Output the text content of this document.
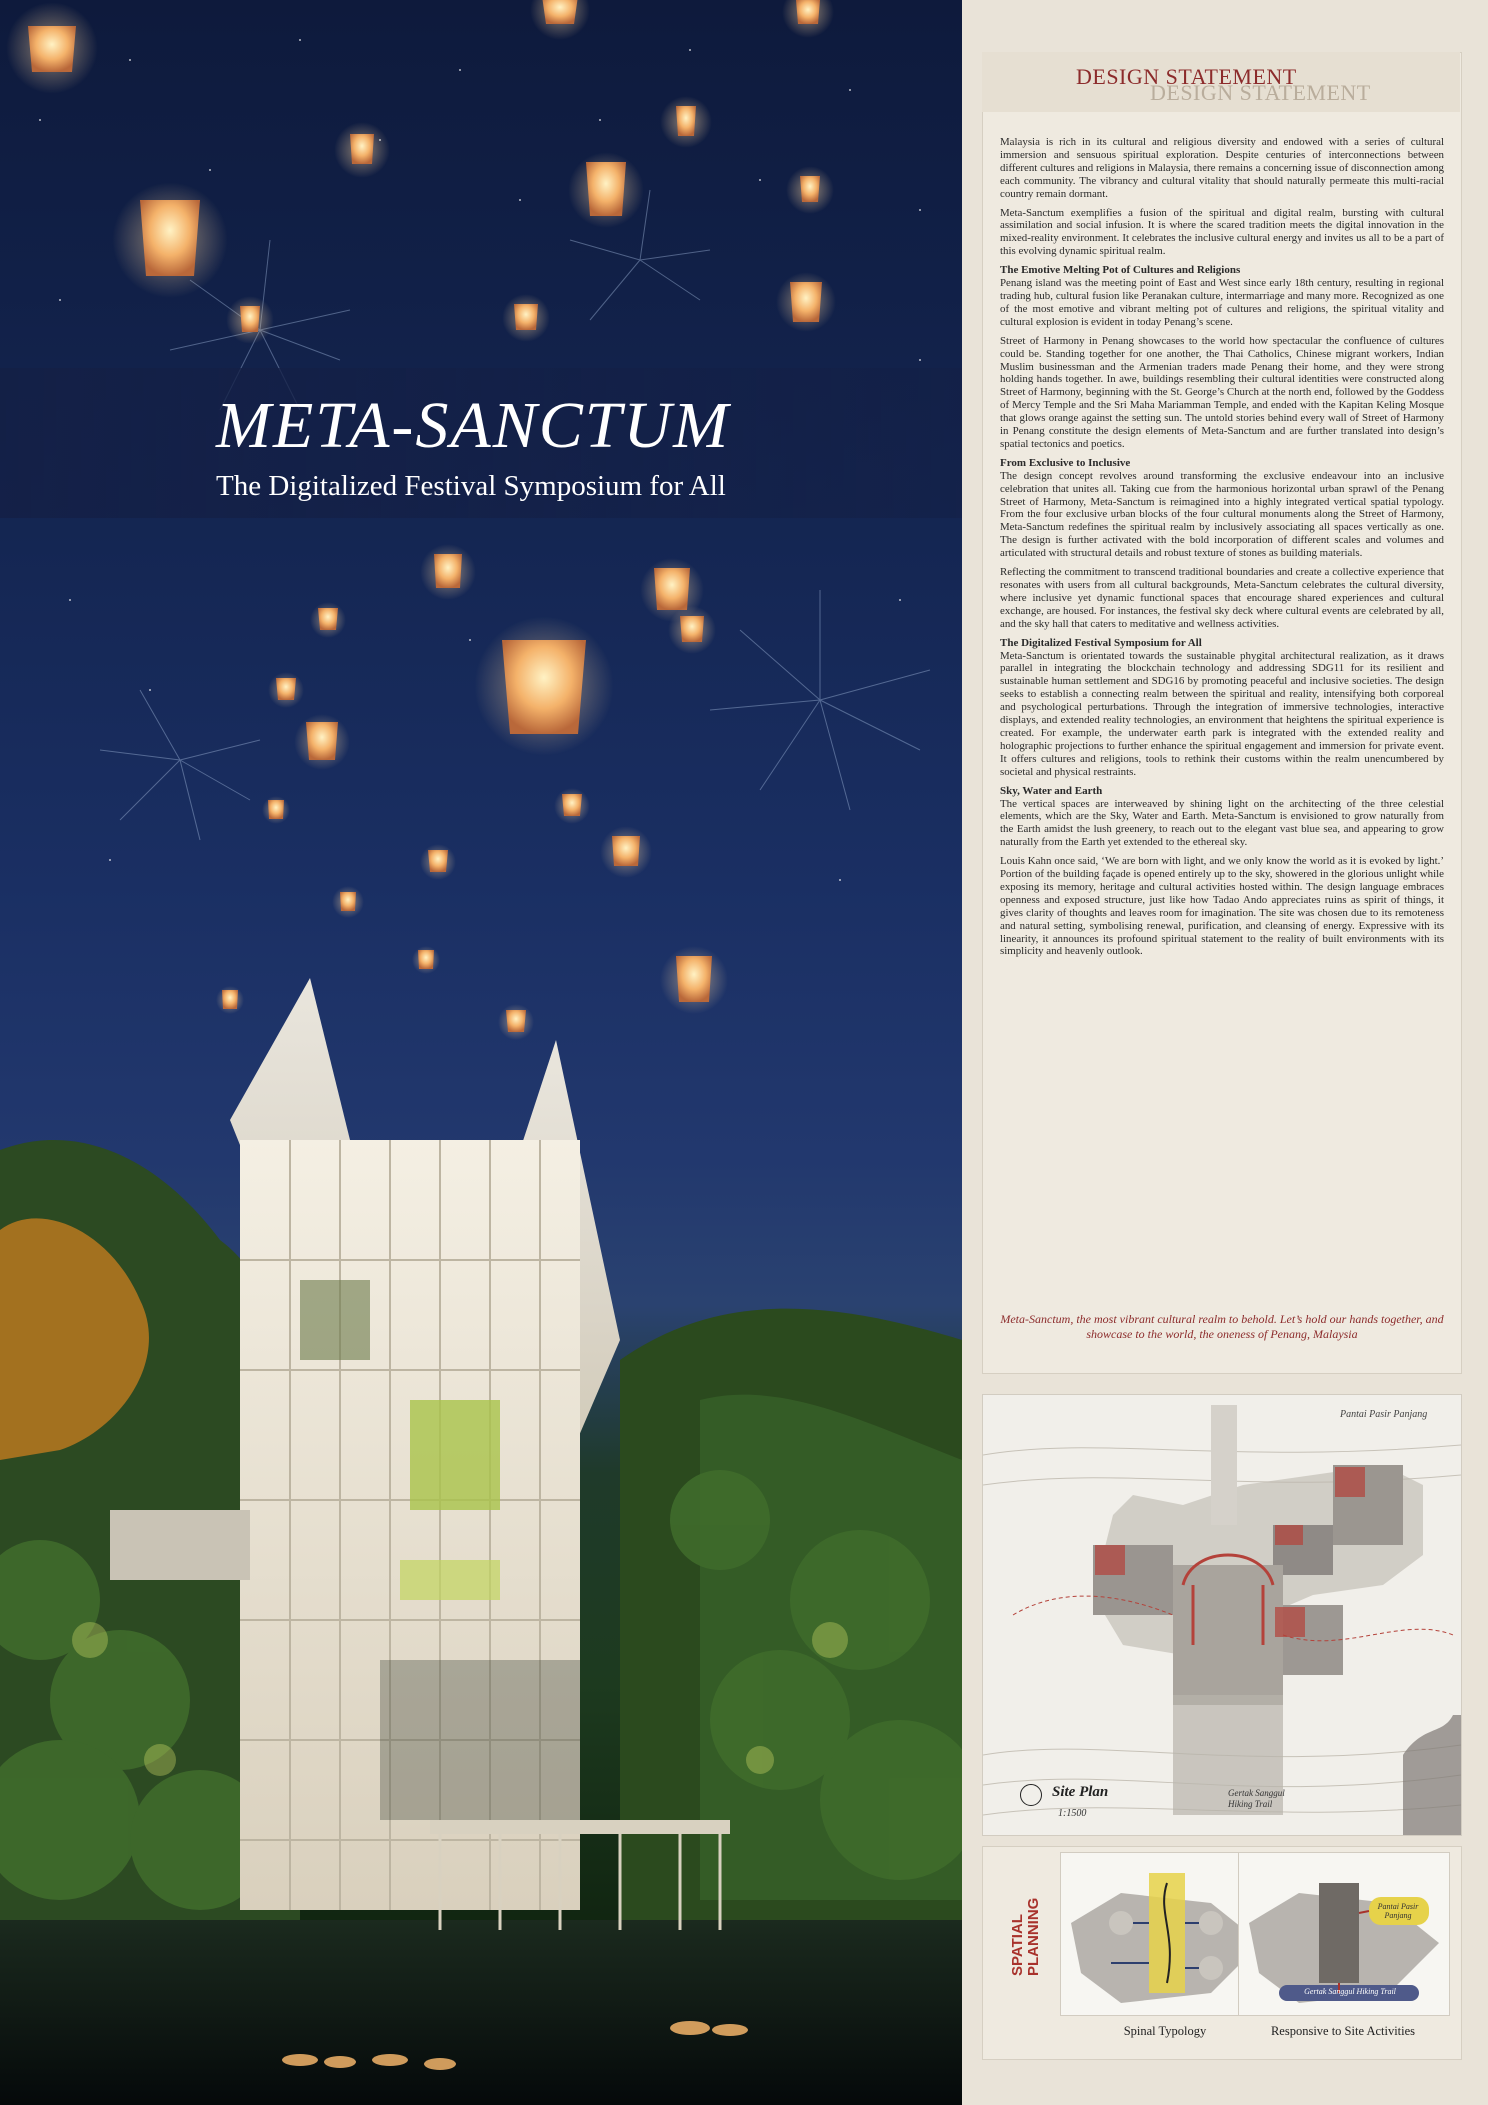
META-SANCTUM
The Digitalized Festival Symposium for All
DESIGN STATEMENT
DESIGN STATEMENT

Malaysia is rich in its cultural and religious diversity and endowed with a series of cultural immersion and sensuous spiritual exploration. Despite centuries of interconnections between different cultures and religions in Malaysia, there remains a concerning issue of disconnection among each community. The vibrancy and cultural vitality that should naturally permeate this multi-racial country remain dormant.

Meta-Sanctum exemplifies a fusion of the spiritual and digital realm, bursting with cultural assimilation and social infusion. It is where the scared tradition meets the digital innovation in the mixed-reality environment. It celebrates the inclusive cultural energy and invites us all to be a part of this evolving dynamic spiritual realm.

The Emotive Melting Pot of Cultures and Religions

Penang island was the meeting point of East and West since early 18th century, resulting in regional trading hub, cultural fusion like Peranakan culture, intermarriage and many more. Recognized as one of the most emotive and vibrant melting pot of cultures and religions, the spiritual vitality and cultural explosion is evident in today Penang’s scene.

Street of Harmony in Penang showcases to the world how spectacular the confluence of cultures could be. Standing together for one another, the Thai Catholics, Chinese migrant workers, Indian Muslim businessman and the Armenian traders made Penang their home, and they were strong holding hands together. In awe, buildings resembling their cultural identities were constructed along Street of Harmony, beginning with the St. George’s Church at the north end, followed by the Goddess of Mercy Temple and the Sri Maha Mariamman Temple, and ended with the Kapitan Keling Mosque that glows orange against the setting sun. The untold stories behind every wall of Street of Harmony in Penang constitute the design elements of Meta-Sanctum and are further translated into design’s spatial tectonics and poetics.

From Exclusive to Inclusive

The design concept revolves around transforming the exclusive endeavour into an inclusive celebration that unites all. Taking cue from the harmonious horizontal urban sprawl of the Penang Street of Harmony, Meta-Sanctum is reimagined into a highly integrated vertical spatial typology. From the four exclusive urban blocks of the four cultural monuments along the Street of Harmony, Meta-Sanctum redefines the spiritual realm by inclusively associating all spaces vertically as one. The design is further activated with the bold incorporation of different scales and volumes and articulated with structural details and robust texture of stones as building materials.

Reflecting the commitment to transcend traditional boundaries and create a collective experience that resonates with users from all cultural backgrounds, Meta-Sanctum celebrates the cultural diversity, where inclusive yet dynamic functional spaces that encourage shared experiences and cultural exchange, are housed. For instances, the festival sky deck where cultural events are celebrated by all, and the sky hall that caters to meditative and wellness activities.

The Digitalized Festival Symposium for All

Meta-Sanctum is orientated towards the sustainable phygital architectural realization, as it draws parallel in integrating the blockchain technology and addressing SDG11 for its resilient and sustainable human settlement and SDG16 by promoting peaceful and inclusive societies. The design seeks to establish a connecting realm between the spiritual and reality, intensifying both corporeal and psychological perturbations. Through the integration of immersive technologies, interactive displays, and extended reality technologies, an environment that heightens the spiritual experience is created. For example, the underwater earth park is integrated with the extended reality and holographic projections to further enhance the spiritual engagement and immersion for private event. It offers cultures and religions, tools to rethink their customs within the realm unencumbered by societal and physical restraints.

Sky, Water and Earth

The vertical spaces are interweaved by shining light on the architecting of the three celestial elements, which are the Sky, Water and Earth. Meta-Sanctum is envisioned to grow naturally from the Earth amidst the lush greenery, to reach out to the elegant vast blue sea, and appearing to grow naturally from the Earth yet extended to the ethereal sky.

Louis Kahn once said, ‘We are born with light, and we only know the world as it is evoked by light.’ Portion of the building façade is opened entirely up to the sky, showered in the glorious unlight while exposing its memory, heritage and cultural activities hosted within. The design language embraces openness and exposed structure, just like how Tadao Ando appreciates ruins as spirit of things, it gives clarity of thoughts and leaves room for imagination. The site was chosen due to its remoteness and natural setting, symbolising renewal, purification, and cleansing of energy. Expressive with its linearity, it announces its profound spiritual statement to the reality of built environments with its simplicity and heavenly outlook.

Meta-Sanctum, the most vibrant cultural realm to behold. Let’s hold our hands together, and showcase to the world, the oneness of Penang, Malaysia
Pantai Pasir Panjang
Gertak Sanggul
Hiking Trail
Site Plan
1:1500
SPATIAL PLANNING	Pantai Pasir
Panjang
Gertak Sanggul Hiking Trail
Spinal Typology	Responsive to Site Activities
